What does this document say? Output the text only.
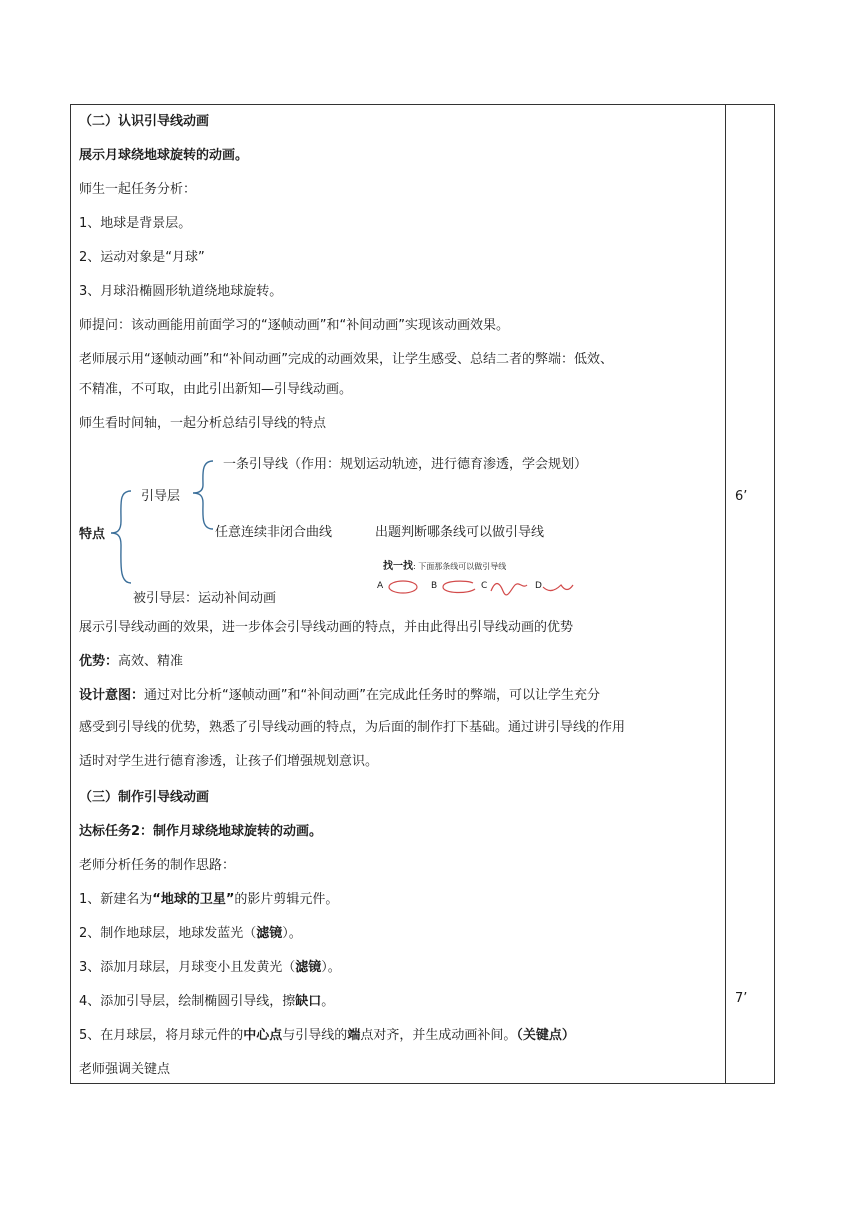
（二）认识引导线动画
展示月球绕地球旋转的动画。
师生一起任务分析：
1、地球是背景层。
2、运动对象是“月球”
3、月球沿椭圆形轨道绕地球旋转。
师提问：该动画能用前面学习的“逐帧动画”和“补间动画”实现该动画效果。
老师展示用“逐帧动画”和“补间动画”完成的动画效果，让学生感受、总结二者的弊端：低效、
不精准，不可取，由此引出新知—引导线动画。
师生看时间轴，一起分析总结引导线的特点
特点
引导层
一条引导线（作用：规划运动轨迹，进行德育渗透，学会规划）
任意连续非闭合曲线	出题判断哪条线可以做引导线
被引导层：运动补间动画
找一找: 下面那条线可以做引导线
A	B	C	D
展示引导线动画的效果，进一步体会引导线动画的特点，并由此得出引导线动画的优势
优势：高效、精准
设计意图：通过对比分析“逐帧动画”和“补间动画”在完成此任务时的弊端，可以让学生充分
感受到引导线的优势，熟悉了引导线动画的特点，为后面的制作打下基础。通过讲引导线的作用
适时对学生进行德育渗透，让孩子们增强规划意识。
（三）制作引导线动画
达标任务2：制作月球绕地球旋转的动画。
老师分析任务的制作思路：
1、新建名为“地球的卫星”的影片剪辑元件。
2、制作地球层，地球发蓝光（滤镜）。
3、添加月球层，月球变小且发黄光（滤镜）。
4、添加引导层，绘制椭圆引导线，擦缺口。
5、在月球层，将月球元件的中心点与引导线的端点对齐，并生成动画补间。（关键点）
老师强调关键点
6’
7’
